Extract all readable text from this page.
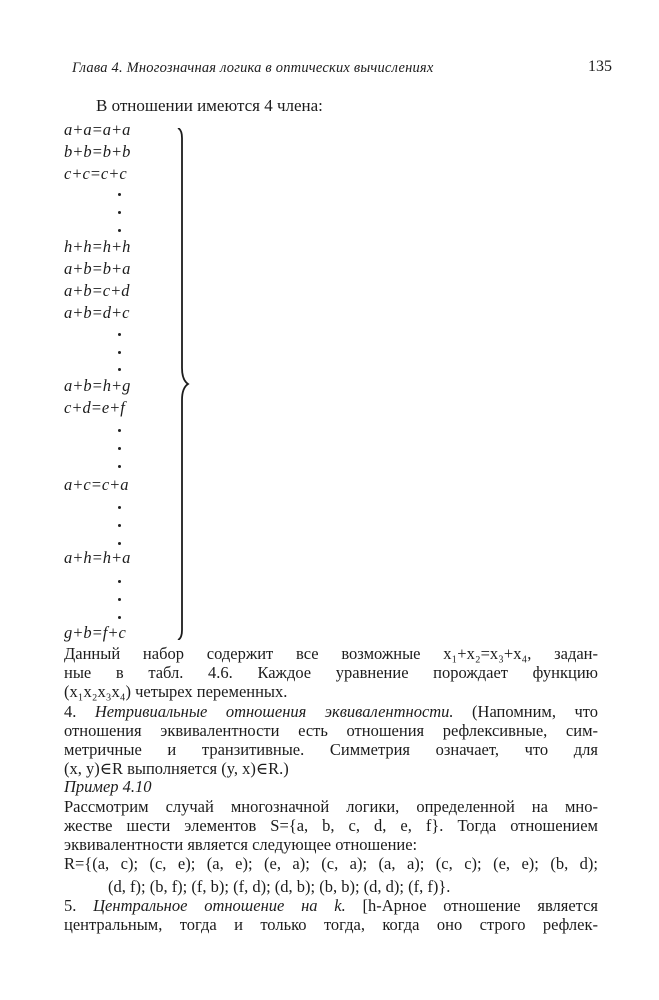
Глава 4. Многозначная логика в оптических вычислениях	135
В отношении имеются 4 члена:
a+a=a+a
b+b=b+b
c+c=c+c
h+h=h+h
a+b=b+a
a+b=c+d
a+b=d+c
a+b=h+g
c+d=e+f
a+c=c+a
a+h=h+a
g+b=f+c
Данный набор содержит все возможные x₁+x₂=x₃+x₄, задан-
ные в табл. 4.6. Каждое уравнение порождает функцию
(x₁x₂x₃x₄) четырех переменных.
4. Нетривиальные отношения эквивалентности. (Напомним, что
отношения эквивалентности есть отношения рефлексивные, сим-
метричные и транзитивные. Симметрия означает, что для
(x, y)∈R выполняется (y, x)∈R.)
Пример 4.10
Рассмотрим случай многозначной логики, определенной на мно-
жестве шести элементов S={a, b, c, d, e, f}. Тогда отношением
эквивалентности является следующее отношение:
R={(a, c); (c, e); (a, e); (e, a); (c, a); (a, a); (c, c); (e, e); (b, d);
(d, f); (b, f); (f, b); (f, d); (d, b); (b, b); (d, d); (f, f)}.
5. Центральное отношение на k. [h-Арное отношение является
центральным, тогда и только тогда, когда оно строго рефлек-
